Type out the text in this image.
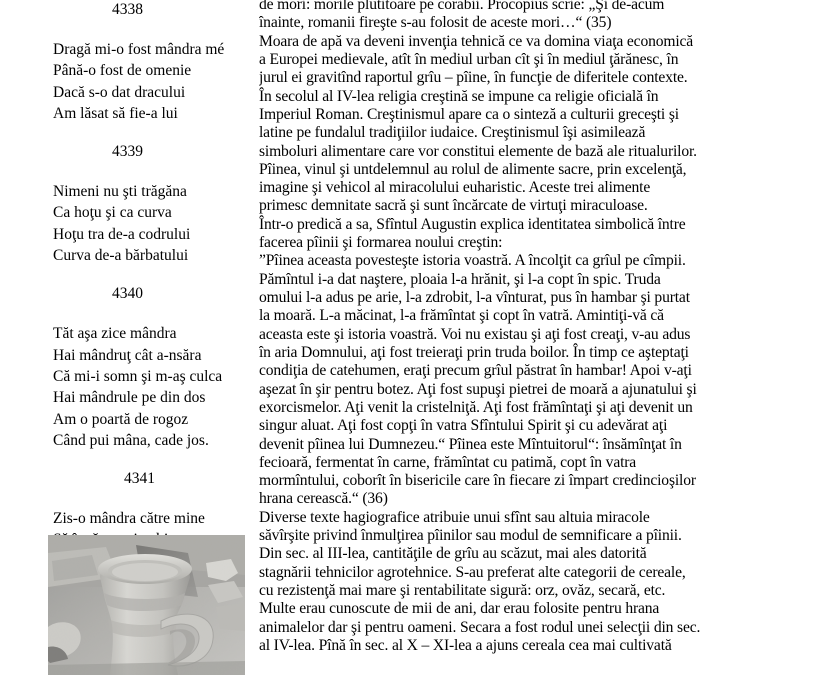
4338
Dragă mi-o fost mândra mé
Până-o fost de omenie
Dacă s-o dat dracului
Am lăsat să fie-a lui
4339
Nimeni nu şti trăgăna
Ca hoţu şi ca curva
Hoţu tra de-a codrului
Curva de-a bărbatului
4340
Tăt aşa zice mândra
Hai mândruţ cât a-nsăra
Că mi-i somn şi m-aş culca
Hai mândrule pe din dos
Am o poartă de rogoz
Când pui mâna, cade jos.
4341
Zis-o mândra către mine
de mori: morile plutitoare pe corabii. Procopius scrie: „Şi de-acum
înainte, romanii fireşte s-au folosit de aceste mori…“ (35)
Moara de apă va deveni invenţia tehnică ce va domina viaţa economică
a Europei medievale, atît în mediul urban cît şi în mediul ţărănesc, în
jurul ei gravitînd raportul grîu – pîine, în funcţie de diferitele contexte.
În secolul al IV-lea religia creştină se impune ca religie oficială în
Imperiul Roman. Creştinismul apare ca o sinteză a culturii greceşti şi
latine pe fundalul tradiţiilor iudaice. Creştinismul îşi asimilează
simboluri alimentare care vor constitui elemente de bază ale ritualurilor.
Pîinea, vinul şi untdelemnul au rolul de alimente sacre, prin excelenţă,
imagine şi vehicol al miracolului euharistic. Aceste trei alimente
primesc demnitate sacră şi sunt încărcate de virtuţi miraculoase.
Într-o predică a sa, Sfîntul Augustin explica identitatea simbolică între
facerea pîinii şi formarea noului creştin:
”Pîinea aceasta povesteşte istoria voastră. A încolţit ca grîul pe cîmpii.
Pămîntul i-a dat naştere, ploaia l-a hrănit, şi l-a copt în spic. Truda
omului l-a adus pe arie, l-a zdrobit, l-a vînturat, pus în hambar şi purtat
la moară. L-a măcinat, l-a frămîntat şi copt în vatră. Amintiţi-vă că
aceasta este şi istoria voastră. Voi nu existau şi aţi fost creaţi, v-au adus
în aria Domnului, aţi fost treieraţi prin truda boilor. În timp ce aşteptaţi
condiţia de catehumen, eraţi precum grîul păstrat în hambar! Apoi v-aţi
aşezat în şir pentru botez. Aţi fost supuşi pietrei de moară a ajunatului şi
exorcismelor. Aţi venit la cristelniţă. Aţi fost frămîntaţi şi aţi devenit un
singur aluat. Aţi fost copţi în vatra Sfîntului Spirit şi cu adevărat aţi
devenit pîinea lui Dumnezeu.“ Pîinea este Mîntuitorul“: însămînţat în
fecioară, fermentat în carne, frămîntat cu patimă, copt în vatra
mormîntului, coborît în bisericile care în fiecare zi împart credincioşilor
hrana cerească.“ (36)
Diverse texte hagiografice atribuie unui sfînt sau altuia miracole
săvîrşite privind înmulţirea pîinilor sau modul de semnificare a pîinii.
Din sec. al III-lea, cantităţile de grîu au scăzut, mai ales datorită
stagnării tehnicilor agrotehnice. S-au preferat alte categorii de cereale,
cu rezistenţă mai mare şi rentabilitate sigură: orz, ovăz, secară, etc.
Multe erau cunoscute de mii de ani, dar erau folosite pentru hrana
animalelor dar şi pentru oameni. Secara a fost rodul unei selecţii din sec.
al IV-lea. Pînă în sec. al X – XI-lea a ajuns cereala cea mai cultivată
